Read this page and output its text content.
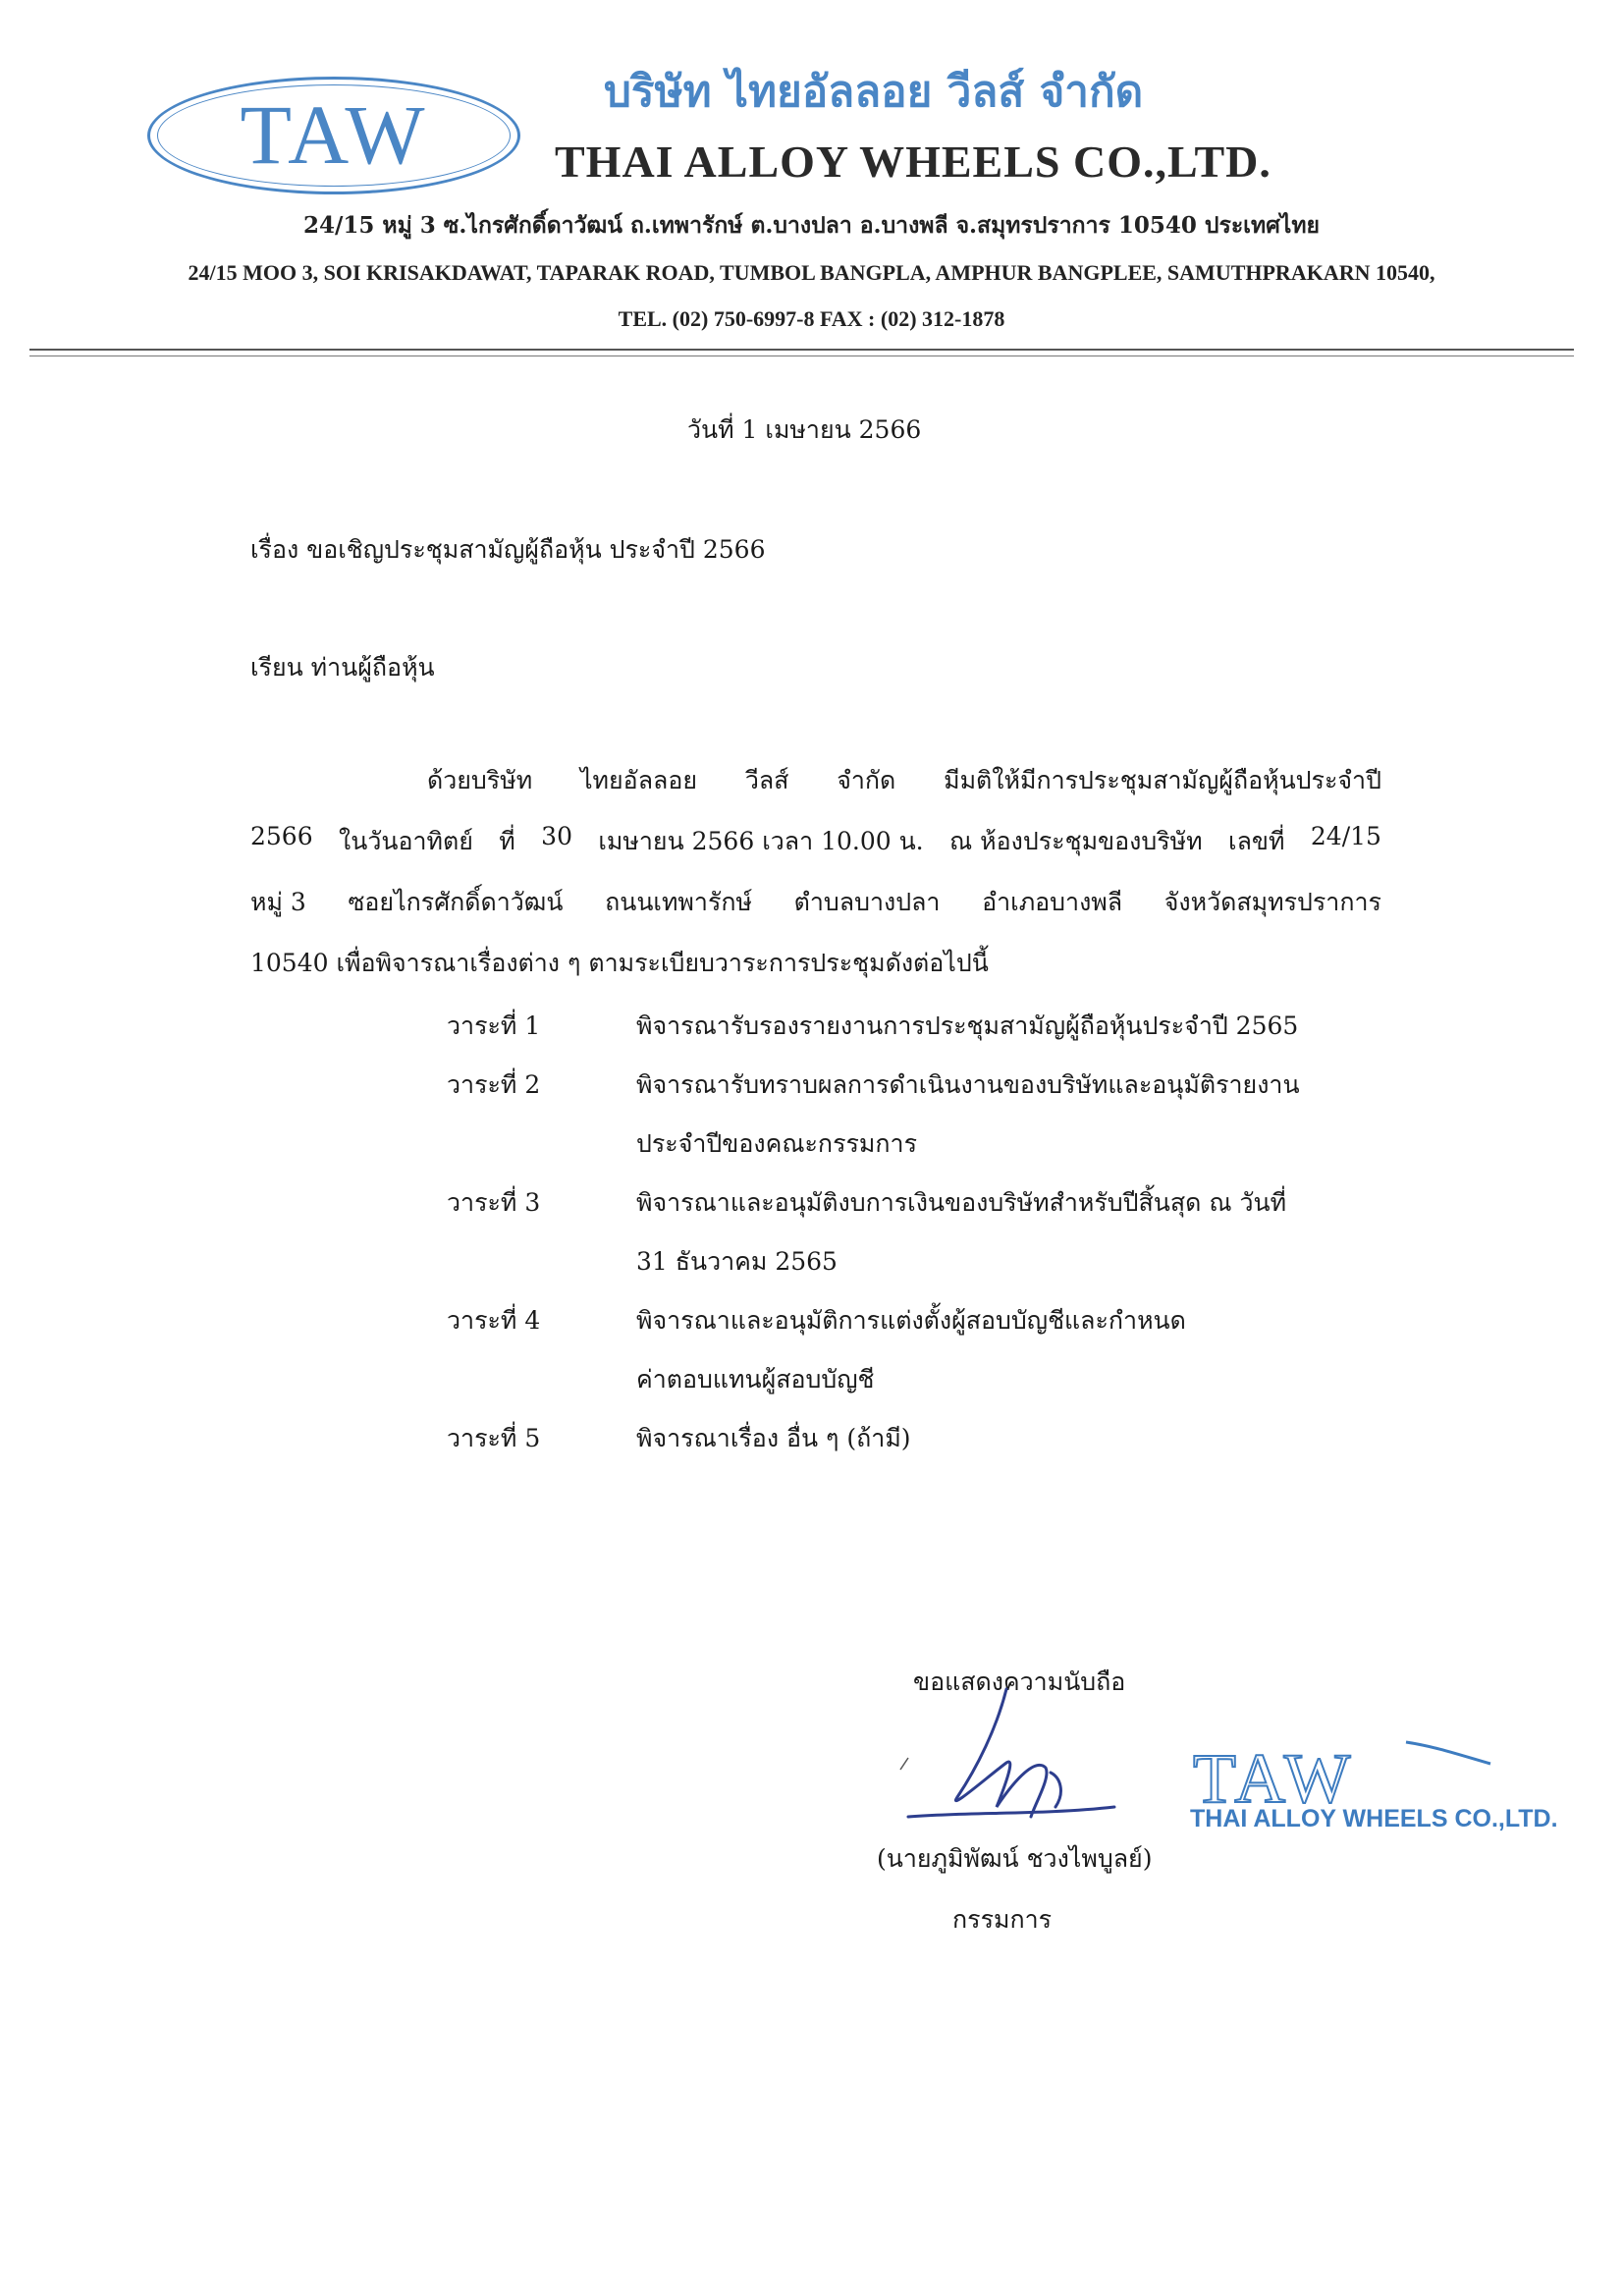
TAW	บริษัท ไทยอัลลอย วีลส์ จำกัด
THAI ALLOY WHEELS CO.,LTD.
24/15 หมู่ 3 ซ.ไกรศักดิ์ดาวัฒน์ ถ.เทพารักษ์ ต.บางปลา อ.บางพลี จ.สมุทรปราการ 10540 ประเทศไทย
24/15 MOO 3, SOI KRISAKDAWAT, TAPARAK ROAD, TUMBOL BANGPLA, AMPHUR BANGPLEE, SAMUTHPRAKARN 10540,
TEL. (02) 750-6997-8 FAX : (02) 312-1878
วันที่ 1 เมษายน 2566
เรื่อง ขอเชิญประชุมสามัญผู้ถือหุ้น ประจำปี 2566
เรียน ท่านผู้ถือหุ้น
ด้วยบริษัท ไทยอัลลอย วีลส์ จำกัด มีมติให้มีการประชุมสามัญผู้ถือหุ้นประจำปี
2566 ในวันอาทิตย์ ที่ 30 เมษายน 2566 เวลา 10.00 น. ณ ห้องประชุมของบริษัท เลขที่ 24/15
หมู่ 3 ซอยไกรศักดิ์ดาวัฒน์ ถนนเทพารักษ์ ตำบลบางปลา อำเภอบางพลี จังหวัดสมุทรปราการ
10540 เพื่อพิจารณาเรื่องต่าง ๆ ตามระเบียบวาระการประชุมดังต่อไปนี้
วาระที่ 1	พิจารณารับรองรายงานการประชุมสามัญผู้ถือหุ้นประจำปี 2565
วาระที่ 2	พิจารณารับทราบผลการดำเนินงานของบริษัทและอนุมัติรายงาน
ประจำปีของคณะกรรมการ
วาระที่ 3	พิจารณาและอนุมัติงบการเงินของบริษัทสำหรับปีสิ้นสุด ณ วันที่
31 ธันวาคม 2565
วาระที่ 4	พิจารณาและอนุมัติการแต่งตั้งผู้สอบบัญชีและกำหนด
ค่าตอบแทนผู้สอบบัญชี
วาระที่ 5	พิจารณาเรื่อง อื่น ๆ (ถ้ามี)
ขอแสดงความนับถือ
(นายภูมิพัฒน์ ชวงไพบูลย์)
กรรมการ
TAW
THAI ALLOY WHEELS CO.,LTD.
